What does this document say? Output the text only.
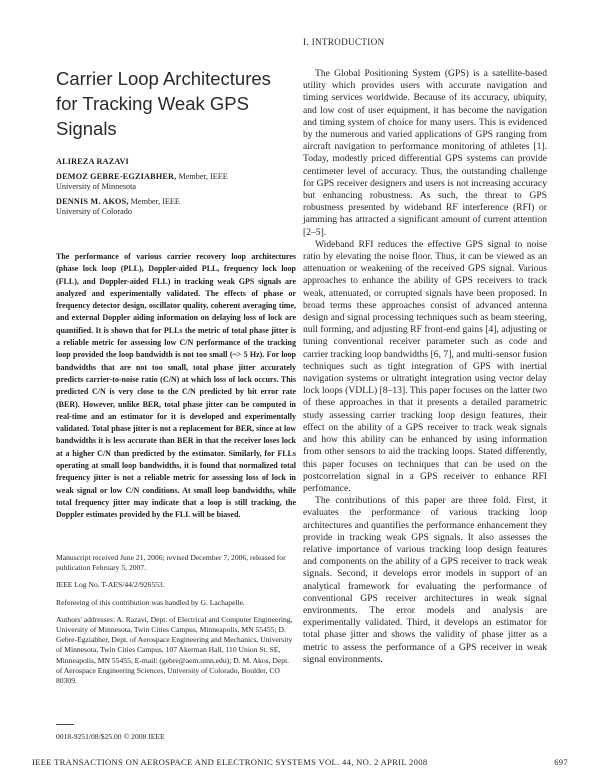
I. INTRODUCTION
Carrier Loop Architectures for Tracking Weak GPS Signals
ALIREZA RAZAVI
DEMOZ GEBRE-EGZIABHER, Member, IEEE
University of Minnesota
DENNIS M. AKOS, Member, IEEE
University of Colorado

The performance of various carrier recovery loop architectures (phase lock loop (PLL), Doppler-aided PLL, frequency lock loop (FLL), and Doppler-aided FLL) in tracking weak GPS signals are analyzed and experimentally validated. The effects of phase or frequency detector design, oscillator quality, coherent averaging time, and external Doppler aiding information on delaying loss of lock are quantified. It is shown that for PLLs the metric of total phase jitter is a reliable metric for assessing low C/N performance of the tracking loop provided the loop bandwidth is not too small (~> 5 Hz). For loop bandwidths that are not too small, total phase jitter accurately predicts carrier-to-noise ratio (C/N) at which loss of lock occurs. This predicted C/N is very close to the C/N predicted by bit error rate (BER). However, unlike BER, total phase jitter can be computed in real-time and an estimator for it is developed and experimentally validated. Total phase jitter is not a replacement for BER, since at low bandwidths it is less accurate than BER in that the receiver loses lock at a higher C/N than predicted by the estimator. Similarly, for FLLs operating at small loop bandwidths, it is found that normalized total frequency jitter is not a reliable metric for assessing loss of lock in weak signal or low C/N conditions. At small loop bandwidths, while total frequency jitter may indicate that a loop is still tracking, the Doppler estimates provided by the FLL will be biased.

Manuscript received June 21, 2006; revised December 7, 2006, released for publication February 5, 2007.

IEEE Log No. T-AES/44/2/926553.

Refereeing of this contribution was handled by G. Lachapelle.

Authors' addresses: A. Razavi, Dept. of Electrical and Computer Engineering, University of Minnesota, Twin Cities Campus, Minneapolis, MN 55455; D. Gebre-Egziabher, Dept. of Aerospace Engineering and Mechanics, University of Minnesota, Twin Cities Campus, 107 Akerman Hall, 110 Union St. SE, Minneapolis, MN 55455, E-mail: (gebre@aem.umn.edu); D. M. Akos, Dept. of Aerospace Engineering Sciences, University of Colorado, Boulder, CO 80309.

0018-9251/08/$25.00 © 2008 IEEE

The Global Positioning System (GPS) is a satellite-based utility which provides users with accurate navigation and timing services worldwide. Because of its accuracy, ubiquity, and low cost of user equipment, it has become the navigation and timing system of choice for many users. This is evidenced by the numerous and varied applications of GPS ranging from aircraft navigation to performance monitoring of athletes [1]. Today, modestly priced differential GPS systems can provide centimeter level of accuracy. Thus, the outstanding challenge for GPS receiver designers and users is not increasing accuracy but enhancing robustness. As such, the threat to GPS robustness presented by wideband RF interference (RFI) or jamming has attracted a significant amount of current attention [2–5].

Wideband RFI reduces the effective GPS signal to noise ratio by elevating the noise floor. Thus, it can be viewed as an attenuation or weakening of the received GPS signal. Various approaches to enhance the ability of GPS receivers to track weak, attenuated, or corrupted signals have been proposed. In broad terms these approaches consist of advanced antenna design and signal processing techniques such as beam steering, null forming, and adjusting RF front-end gains [4], adjusting or tuning conventional receiver parameter such as code and carrier tracking loop bandwidths [6, 7], and multi-sensor fusion techniques such as tight integration of GPS with inertial navigation systems or ultratight integration using vector delay lock loops (VDLL) [8–13]. This paper focuses on the latter two of these approaches in that it presents a detailed parametric study assessing carrier tracking loop design features, their effect on the ability of a GPS receiver to track weak signals and how this ability can be enhanced by using information from other sensors to aid the tracking loops. Stated differently, this paper focuses on techniques that can be used on the postcorrelation signal in a GPS receiver to enhance RFI perfomance.

The contributions of this paper are three fold. First, it evaluates the performance of various tracking loop architectures and quantifies the performance enhancement they provide in tracking weak GPS signals. It also assesses the relative importance of various tracking loop design features and components on the ability of a GPS receiver to track weak signals. Second, it develops error models in support of an analytical framework for evaluating the performance of conventional GPS receiver architectures in weak signal environments. The error models and analysis are experimentally validated. Third, it develops an estimator for total phase jitter and shows the validity of phase jitter as a metric to assess the performance of a GPS receiver in weak signal environments.

IEEE TRANSACTIONS ON AEROSPACE AND ELECTRONIC SYSTEMS VOL. 44, NO. 2 APRIL 2008	697
